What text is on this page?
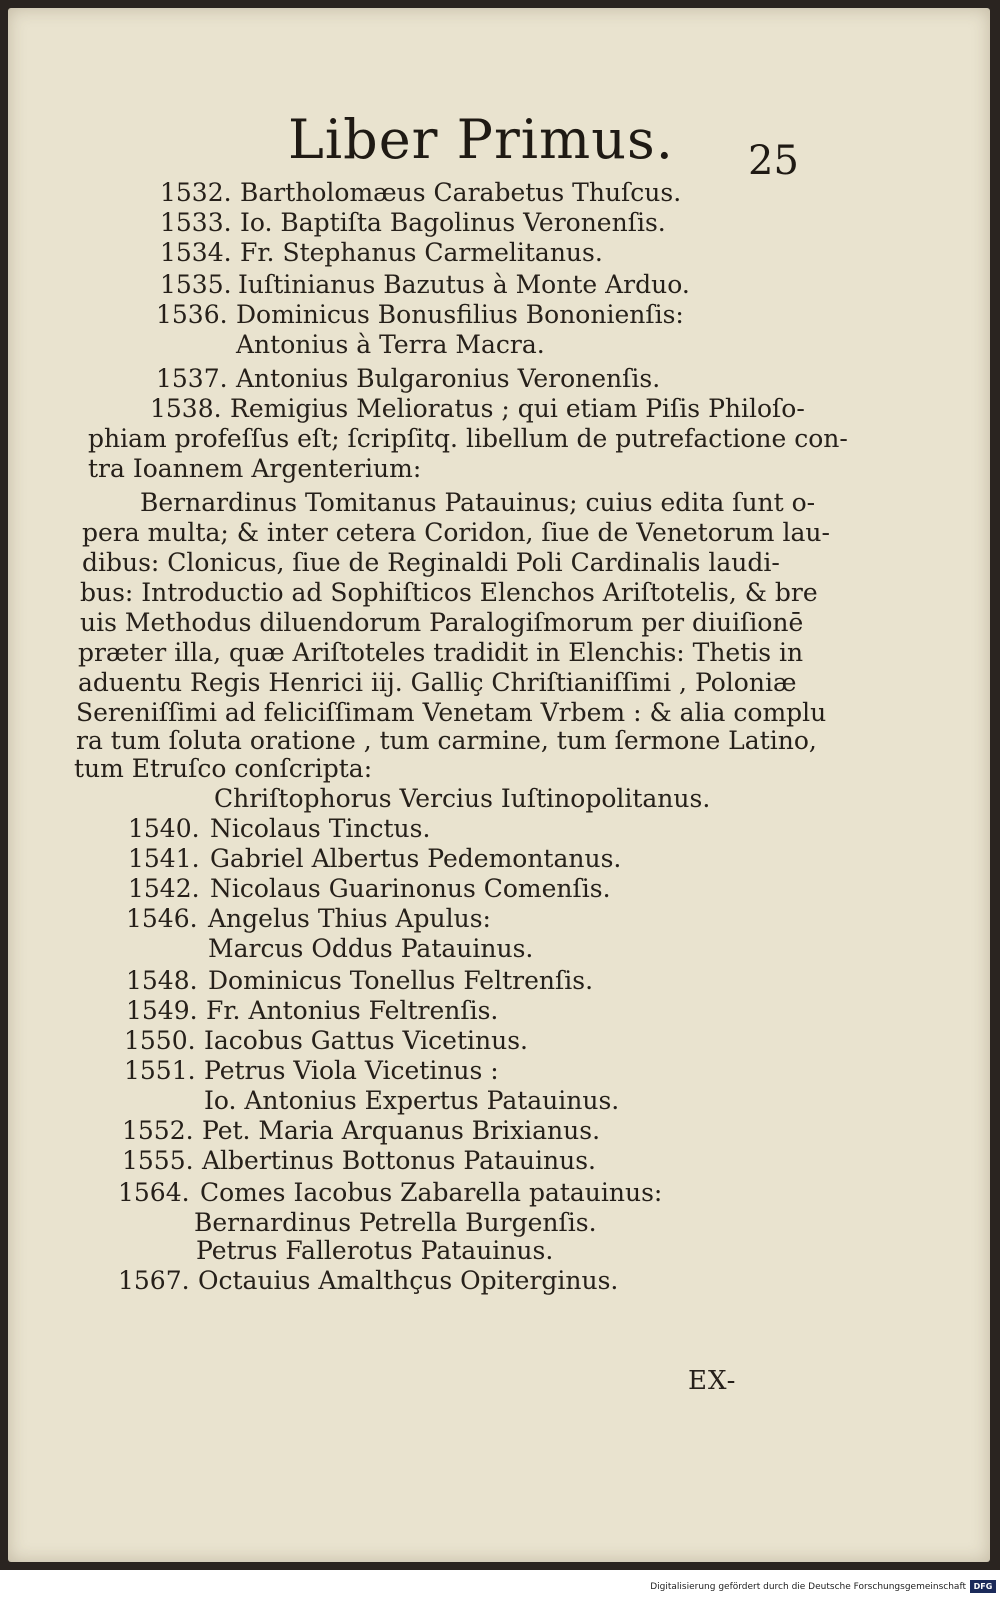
Liber Primus. 25
1532. Bartholomæus Carabetus Thuſcus.
1533. Io. Baptiſta Bagolinus Veronenſis.
1534. Fr. Stephanus Carmelitanus.
1535. Iuſtinianus Bazutus à Monte Arduo.
1536. Dominicus Bonusfilius Bononienſis:
Antonius à Terra Macra.
1537. Antonius Bulgaronius Veronenſis.
1538. Remigius Melioratus ; qui etiam Piſis Philoſo-
phiam profeſſus eſt; ſcripſitq. libellum de putrefactione con-
tra Ioannem Argenterium:
Bernardinus Tomitanus Patauinus; cuius edita ſunt o-
pera multa; & inter cetera Coridon, ſiue de Venetorum lau-
dibus: Clonicus, ſiue de Reginaldi Poli Cardinalis laudi-
bus: Introductio ad Sophiſticos Elenchos Ariſtotelis, & bre
uis Methodus diluendorum Paralogiſmorum per diuiſionē
præter illa, quæ Ariſtoteles tradidit in Elenchis: Thetis in
aduentu Regis Henrici iij. Galliç Chriſtianiſſimi , Poloniæ
Sereniſſimi ad feliciſſimam Venetam Vrbem : & alia complu
ra tum ſoluta oratione , tum carmine, tum ſermone Latino,
tum Etruſco conſcripta:
Chriſtophorus Vercius Iuſtinopolitanus.
1540. Nicolaus Tinctus.
1541. Gabriel Albertus Pedemontanus.
1542. Nicolaus Guarinonus Comenſis.
1546. Angelus Thius Apulus:
Marcus Oddus Patauinus.
1548. Dominicus Tonellus Feltrenſis.
1549. Fr. Antonius Feltrenſis.
1550. Iacobus Gattus Vicetinus.
1551. Petrus Viola Vicetinus :
Io. Antonius Expertus Patauinus.
1552. Pet. Maria Arquanus Brixianus.
1555. Albertinus Bottonus Patauinus.
1564. Comes Iacobus Zabarella patauinus:
Bernardinus Petrella Burgenſis.
Petrus Fallerotus Patauinus.
1567. Octauius Amalthçus Opiterginus.
EX-
Digitalisierung gefördert durch die Deutsche Forschungsgemeinschaft DFG
